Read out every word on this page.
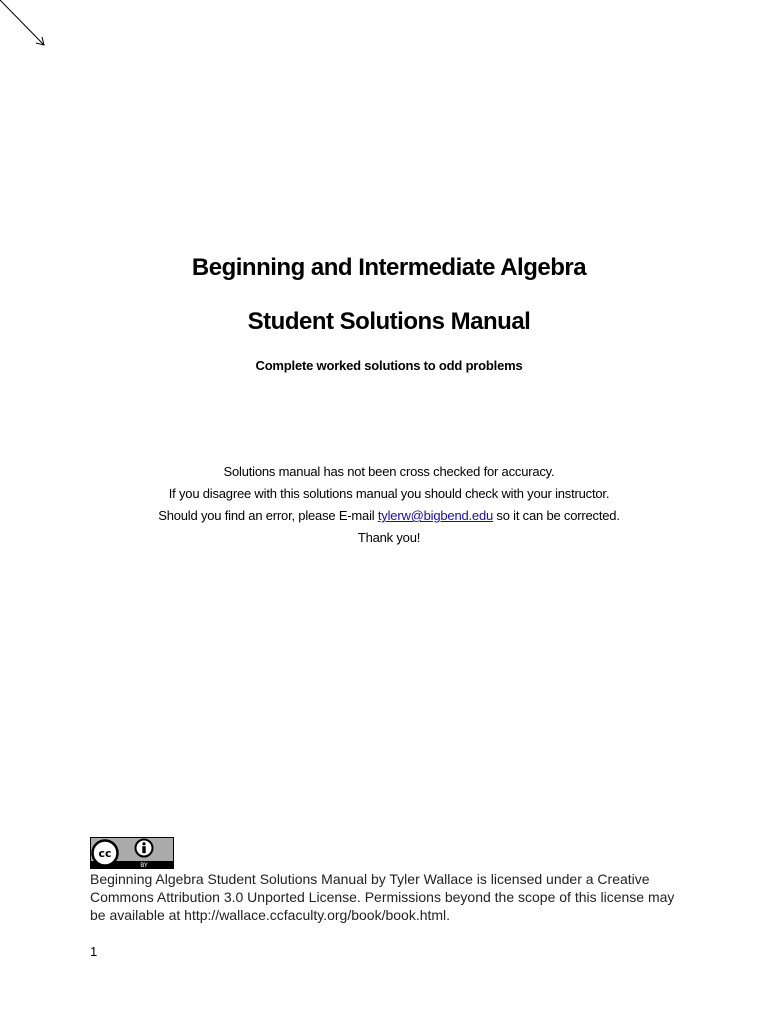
Beginning and Intermediate Algebra
Student Solutions Manual

Complete worked solutions to odd problems

Solutions manual has not been cross checked for accuracy.

If you disagree with this solutions manual you should check with your instructor.

Should you find an error, please E-mail tylerw@bigbend.edu so it can be corrected.

Thank you!

cc
BY

Beginning Algebra Student Solutions Manual by Tyler Wallace is licensed under a Creative Commons Attribution 3.0 Unported License. Permissions beyond the scope of this license may be available at http://wallace.ccfaculty.org/book/book.html.

1
